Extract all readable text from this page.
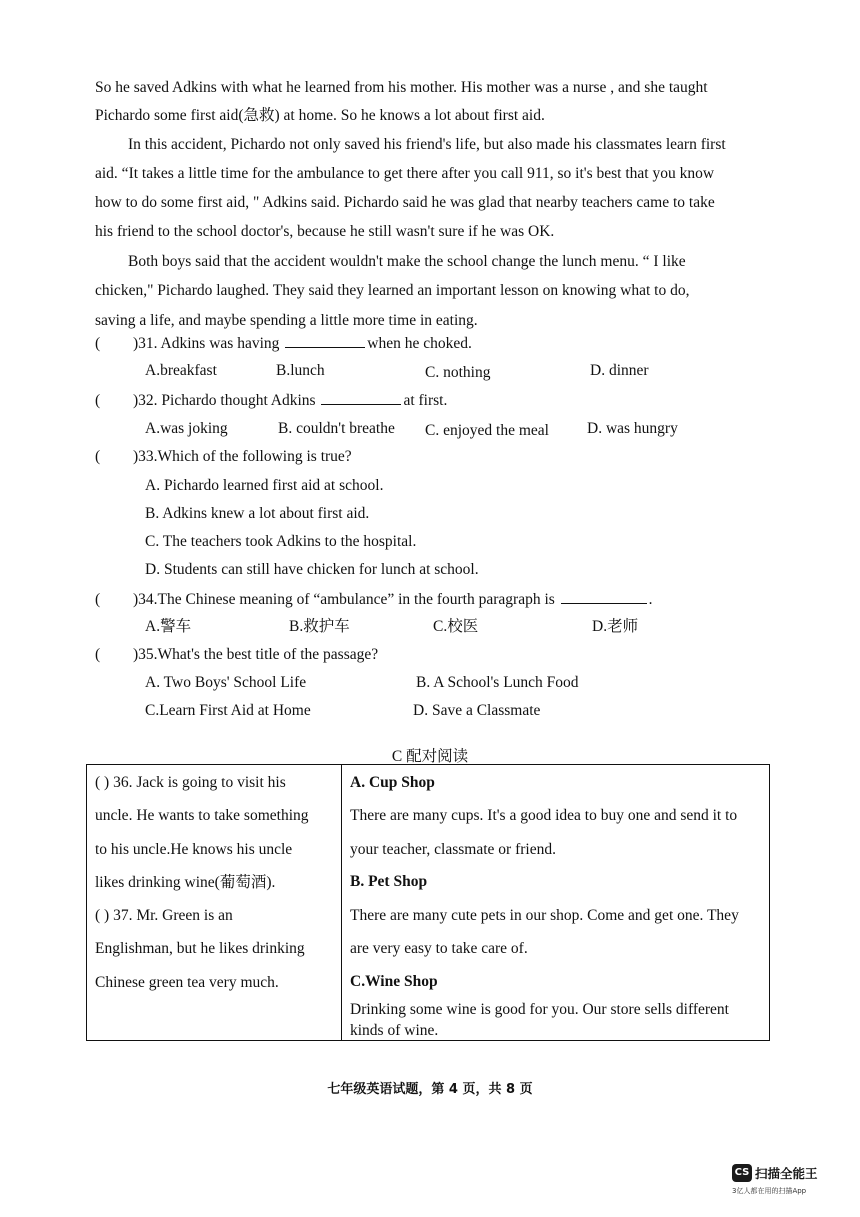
So he saved Adkins with what he learned from his mother. His mother was a nurse , and she taught
Pichardo some first aid(急救) at home. So he knows a lot about first aid.
In this accident, Pichardo not only saved his friend's life, but also made his classmates learn first
aid. “It takes a little time for the ambulance to get there after you call 911, so it's best that you know
how to do some first aid, " Adkins said. Pichardo said he was glad that nearby teachers came to take
his friend to the school doctor's, because he still wasn't sure if he was OK.
Both boys said that the accident wouldn't make the school change the lunch menu. “ I like
chicken," Pichardo laughed. They said they learned an important lesson on knowing what to do,
saving a life, and maybe spending a little more time in eating.
( )31. Adkins was having	when he choked.
A.breakfast	B.lunch	C. nothing	D. dinner
( )32. Pichardo thought Adkins	at first.
A.was joking	B. couldn't breathe C. enjoyed the meal D. was hungry
( )33.Which of the following is true?
A. Pichardo learned first aid at school.
B. Adkins knew a lot about first aid.
C. The teachers took Adkins to the hospital.
D. Students can still have chicken for lunch at school.
( )34.The Chinese meaning of “ambulance” in the fourth paragraph is	.
A.警车	B.救护车	C.校医	D.老师
( )35.What's the best title of the passage?
A. Two Boys' School Life	B. A School's Lunch Food
C.Learn First Aid at Home	D. Save a Classmate
C 配对阅读
( ) 36. Jack is going to visit his
uncle. He wants to take something
to his uncle.He knows his uncle
likes drinking wine(葡萄酒).
( ) 37. Mr. Green is an
Englishman, but he likes drinking
Chinese green tea very much.
A. Cup Shop
There are many cups. It's a good idea to buy one and send it to
your teacher, classmate or friend.
B. Pet Shop
There are many cute pets in our shop. Come and get one. They
are very easy to take care of.
C.Wine Shop
Drinking some wine is good for you. Our store sells different
kinds of wine.
七年级英语试题，第 4 页，共 8 页
CS 扫描全能王
3亿人都在用的扫描App
